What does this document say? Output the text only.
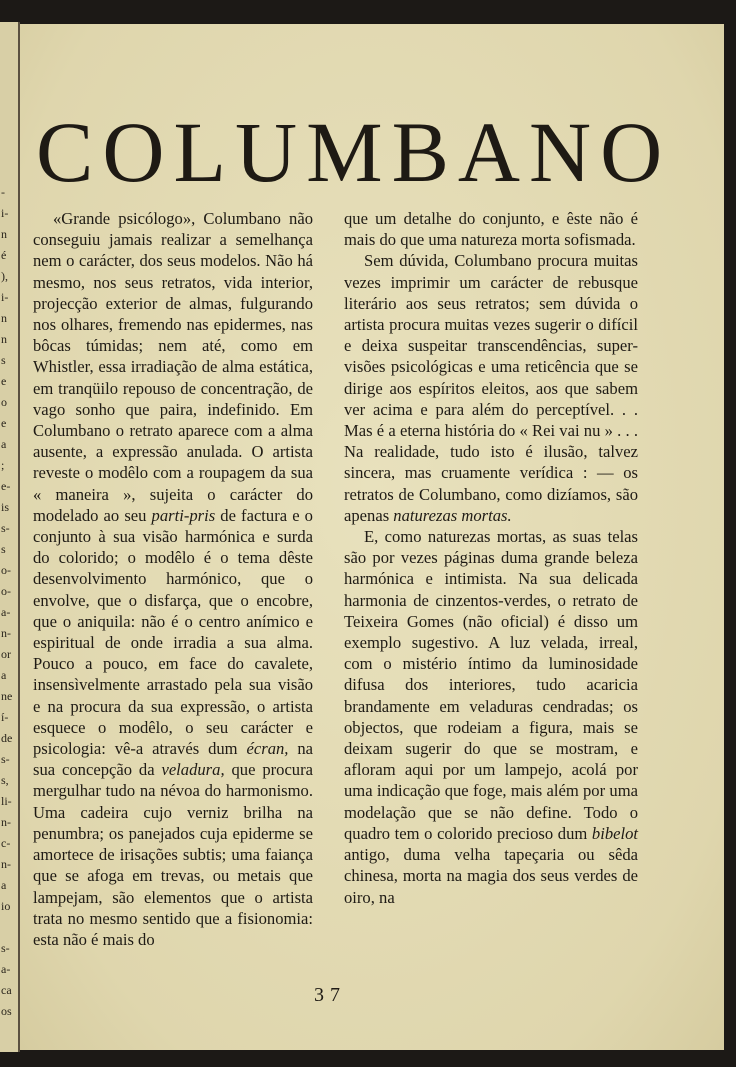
-
i-
n
é
),
i-
n
n
s
e
o
e
a
;
e-
is
s-
s
o-
o-
a-
n-
or
a
ne
í-
de
s-
s,
li-
n-
c-
n-
a
io

s-
a-
ca
os
COLUMBANO

«Grande psicólogo», Columbano não conseguiu jamais realizar a semelhança nem o carácter, dos seus modelos. Não há mesmo, nos seus retratos, vida interior, projecção exterior de almas, fulgurando nos olhares, fremendo nas epidermes, nas bôcas túmidas; nem até, como em Whistler, essa irradiação de alma estática, em tranqüilo repouso de concentração, de vago sonho que paira, indefinido. Em Columbano o retrato aparece com a alma ausente, a expressão anulada. O artista reveste o modêlo com a roupagem da sua « maneira », sujeita o carácter do modelado ao seu parti-pris de factura e o conjunto à sua visão harmónica e surda do colorido; o modêlo é o tema dêste desenvolvimento harmónico, que o envolve, que o disfarça, que o encobre, que o aniquila: não é o centro anímico e espiritual de onde irradia a sua alma. Pouco a pouco, em face do cavalete, insensìvelmente arrastado pela sua visão e na procura da sua expressão, o artista esquece o modêlo, o seu carácter e psicologia: vê-a através dum écran, na sua concepção da veladura, que procura mergulhar tudo na névoa do harmonismo. Uma cadeira cujo verniz brilha na penumbra; os panejados cuja epiderme se amortece de irisações subtis; uma faiança que se afoga em trevas, ou metais que lampejam, são elementos que o artista trata no mesmo sentido que a fisionomia: esta não é mais do

que um detalhe do conjunto, e êste não é mais do que uma natureza morta sofismada.

Sem dúvida, Columbano procura muitas vezes imprimir um carácter de rebusque literário aos seus retratos; sem dúvida o artista procura muitas vezes sugerir o difícil e deixa suspeitar transcendências, super-visões psicológicas e uma reticência que se dirige aos espíritos eleitos, aos que sabem ver acima e para além do perceptível. . . Mas é a eterna história do « Rei vai nu » . . . Na realidade, tudo isto é ilusão, talvez sincera, mas cruamente verídica : — os retratos de Columbano, como dizíamos, são apenas naturezas mortas.

E, como naturezas mortas, as suas telas são por vezes páginas duma grande beleza harmónica e intimista. Na sua delicada harmonia de cinzentos-verdes, o retrato de Teixeira Gomes (não oficial) é disso um exemplo sugestivo. A luz velada, irreal, com o mistério íntimo da luminosidade difusa dos interiores, tudo acaricia brandamente em veladuras cendradas; os objectos, que rodeiam a figura, mais se deixam sugerir do que se mostram, e afloram aqui por um lampejo, acolá por uma indicação que foge, mais além por uma modelação que se não define. Todo o quadro tem o colorido precioso dum bibelot antigo, duma velha tapeçaria ou sêda chinesa, morta na magia dos seus verdes de oiro, na

37
